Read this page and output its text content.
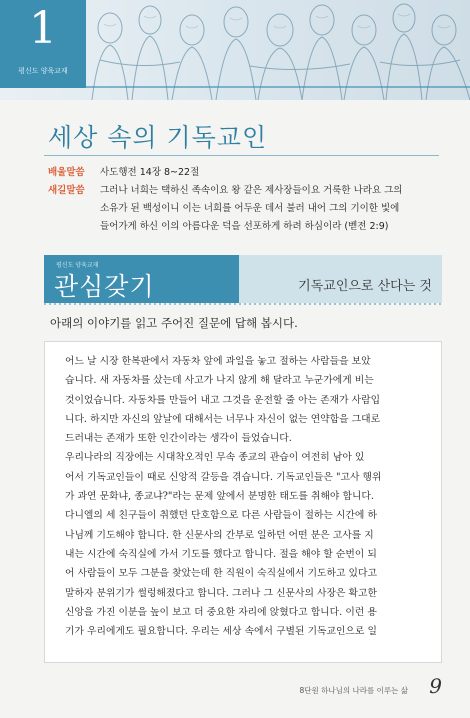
1
평신도 양육교재
세상 속의 기독교인
배울말씀	사도행전 14장 8~22절
새길말씀	그러나 너희는 택하신 족속이요 왕 같은 제사장들이요 거룩한 나라요 그의
소유가 된 백성이니 이는 너희를 어두운 데서 불러 내어 그의 기이한 빛에
들어가게 하신 이의 아름다운 덕을 선포하게 하려 하심이라 (벧전 2:9)
평신도 양육교재
관심갖기	기독교인으로 산다는 것
아래의 이야기를 읽고 주어진 질문에 답해 봅시다.
어느 날 시장 한복판에서 자동차 앞에 과일을 놓고 절하는 사람들을 보았
습니다. 새 자동차를 샀는데 사고가 나지 않게 해 달라고 누군가에게 비는
것이었습니다. 자동차를 만들어 내고 그것을 운전할 줄 아는 존재가 사람입
니다. 하지만 자신의 앞날에 대해서는 너무나 자신이 없는 연약함을 그대로
드러내는 존재가 또한 인간이라는 생각이 들었습니다.
우리나라의 직장에는 시대착오적인 무속 종교의 관습이 여전히 남아 있
어서 기독교인들이 때로 신앙적 갈등을 겪습니다. 기독교인들은 "고사 행위
가 과연 문화냐, 종교냐?"라는 문제 앞에서 분명한 태도를 취해야 합니다.
다니엘의 세 친구들이 취했던 단호함으로 다른 사람들이 절하는 시간에 하
나님께 기도해야 합니다. 한 신문사의 간부로 일하던 어떤 분은 고사를 지
내는 시간에 숙직실에 가서 기도를 했다고 합니다. 절을 해야 할 순번이 되
어 사람들이 모두 그분을 찾았는데 한 직원이 숙직실에서 기도하고 있다고
말하자 분위기가 썰렁해졌다고 합니다. 그러나 그 신문사의 사장은 확고한
신앙을 가진 이분을 높이 보고 더 중요한 자리에 앉혔다고 합니다. 이런 용
기가 우리에게도 필요합니다. 우리는 세상 속에서 구별된 기독교인으로 일
8단원 하나님의 나라를 이루는 삶 9
